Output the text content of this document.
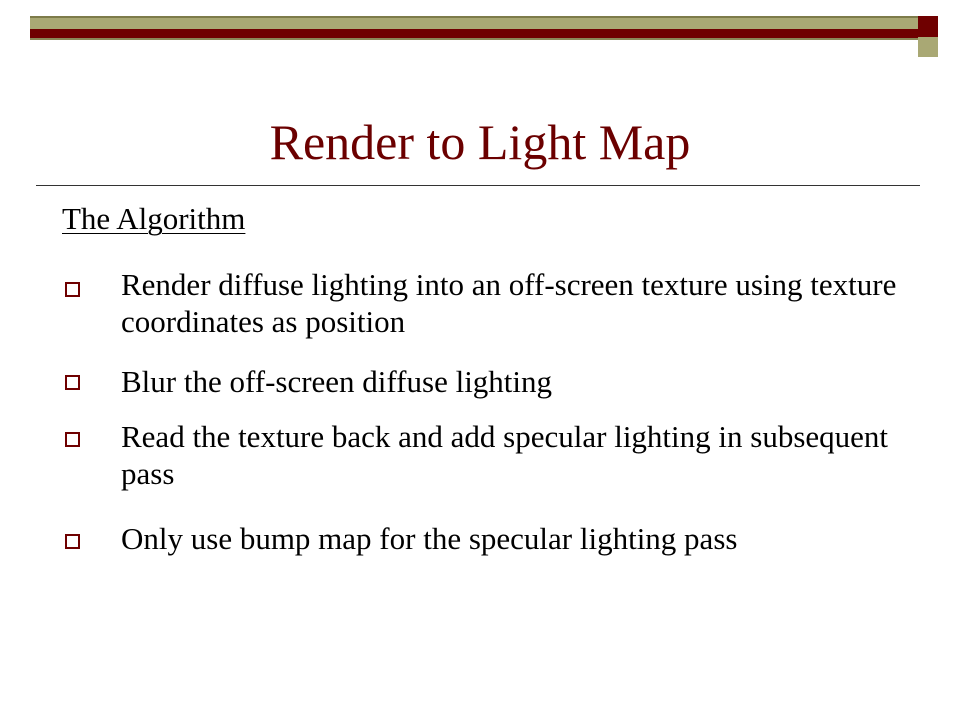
Render to Light Map
The Algorithm
Render diffuse lighting into an off-screen texture using texture coordinates as position
Blur the off-screen diffuse lighting
Read the texture back and add specular lighting in subsequent pass
Only use bump map for the specular lighting pass
